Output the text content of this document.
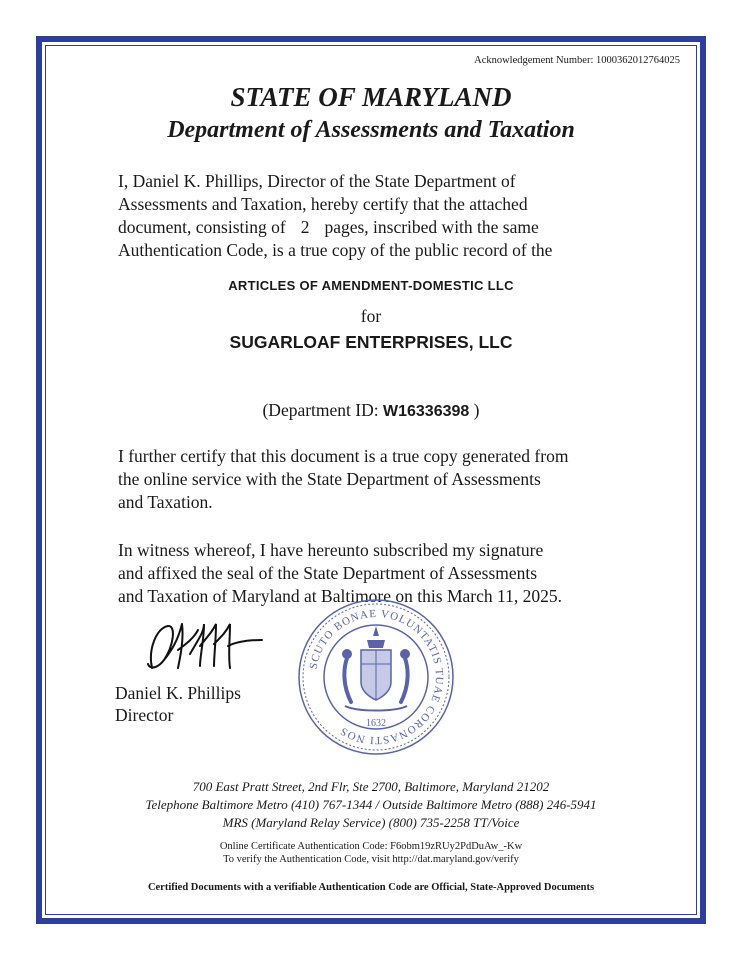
Acknowledgement Number: 1000362012764025
STATE OF MARYLAND
Department of Assessments and Taxation
I, Daniel K. Phillips, Director of the State Department of
Assessments and Taxation, hereby certify that the attached
document, consisting of 2 pages, inscribed with the same
Authentication Code, is a true copy of the public record of the
ARTICLES OF AMENDMENT-DOMESTIC LLC
for
SUGARLOAF ENTERPRISES, LLC
(Department ID: W16336398 )
I further certify that this document is a true copy generated from
the online service with the State Department of Assessments
and Taxation.
In witness whereof, I have hereunto subscribed my signature
and affixed the seal of the State Department of Assessments
and Taxation of Maryland at Baltimore on this March 11, 2025.
Daniel K. Phillips
Director
SCUTO BONAE VOLUNTATIS TUAE CORONASTI NOS
1632
700 East Pratt Street, 2nd Flr, Ste 2700, Baltimore, Maryland 21202
Telephone Baltimore Metro (410) 767-1344 / Outside Baltimore Metro (888) 246-5941
MRS (Maryland Relay Service) (800) 735-2258 TT/Voice
Online Certificate Authentication Code: F6obm19zRUy2PdDuAw_-Kw
To verify the Authentication Code, visit http://dat.maryland.gov/verify
Certified Documents with a verifiable Authentication Code are Official, State-Approved Documents
